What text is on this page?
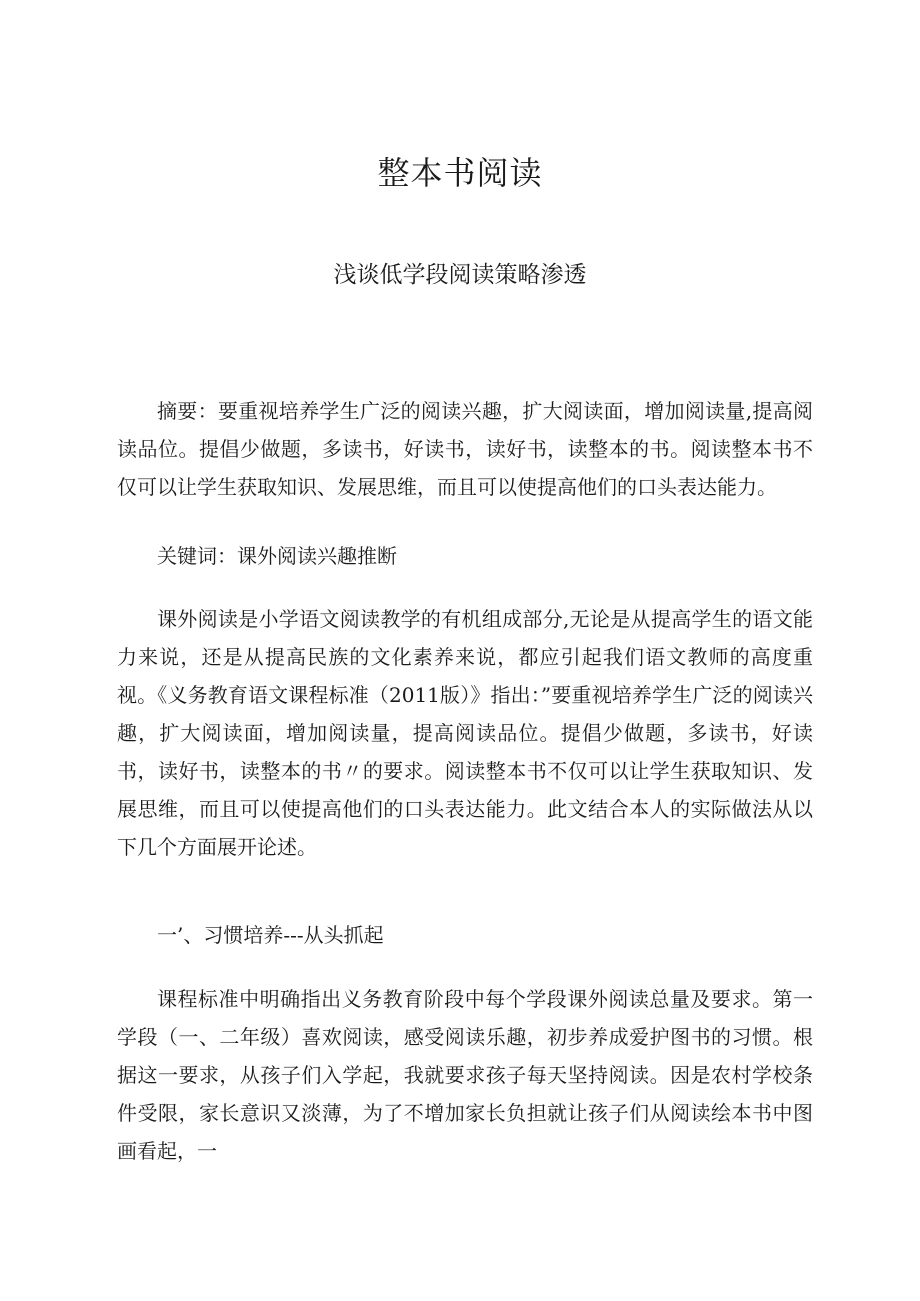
整本书阅读
浅谈低学段阅读策略渗透

摘要：要重视培养学生广泛的阅读兴趣，扩大阅读面，增加阅读量,提高阅读品位。提倡少做题，多读书，好读书，读好书，读整本的书。阅读整本书不仅可以让学生获取知识、发展思维，而且可以使提高他们的口头表达能力。

关键词：课外阅读兴趣推断

课外阅读是小学语文阅读教学的有机组成部分,无论是从提高学生的语文能力来说，还是从提高民族的文化素养来说，都应引起我们语文教师的高度重视。《义务教育语文课程标准（2011版）》指出：”要重视培养学生广泛的阅读兴趣，扩大阅读面，增加阅读量，提高阅读品位。提倡少做题，多读书，好读书，读好书，读整本的书〃的要求。阅读整本书不仅可以让学生获取知识、发展思维，而且可以使提高他们的口头表达能力。此文结合本人的实际做法从以下几个方面展开论述。

一’、习惯培养---从头抓起

课程标准中明确指出义务教育阶段中每个学段课外阅读总量及要求。第一学段（一、二年级）喜欢阅读，感受阅读乐趣，初步养成爱护图书的习惯。根据这一要求，从孩子们入学起，我就要求孩子每天坚持阅读。因是农村学校条件受限，家长意识又淡薄，为了不增加家长负担就让孩子们从阅读绘本书中图画看起，一
